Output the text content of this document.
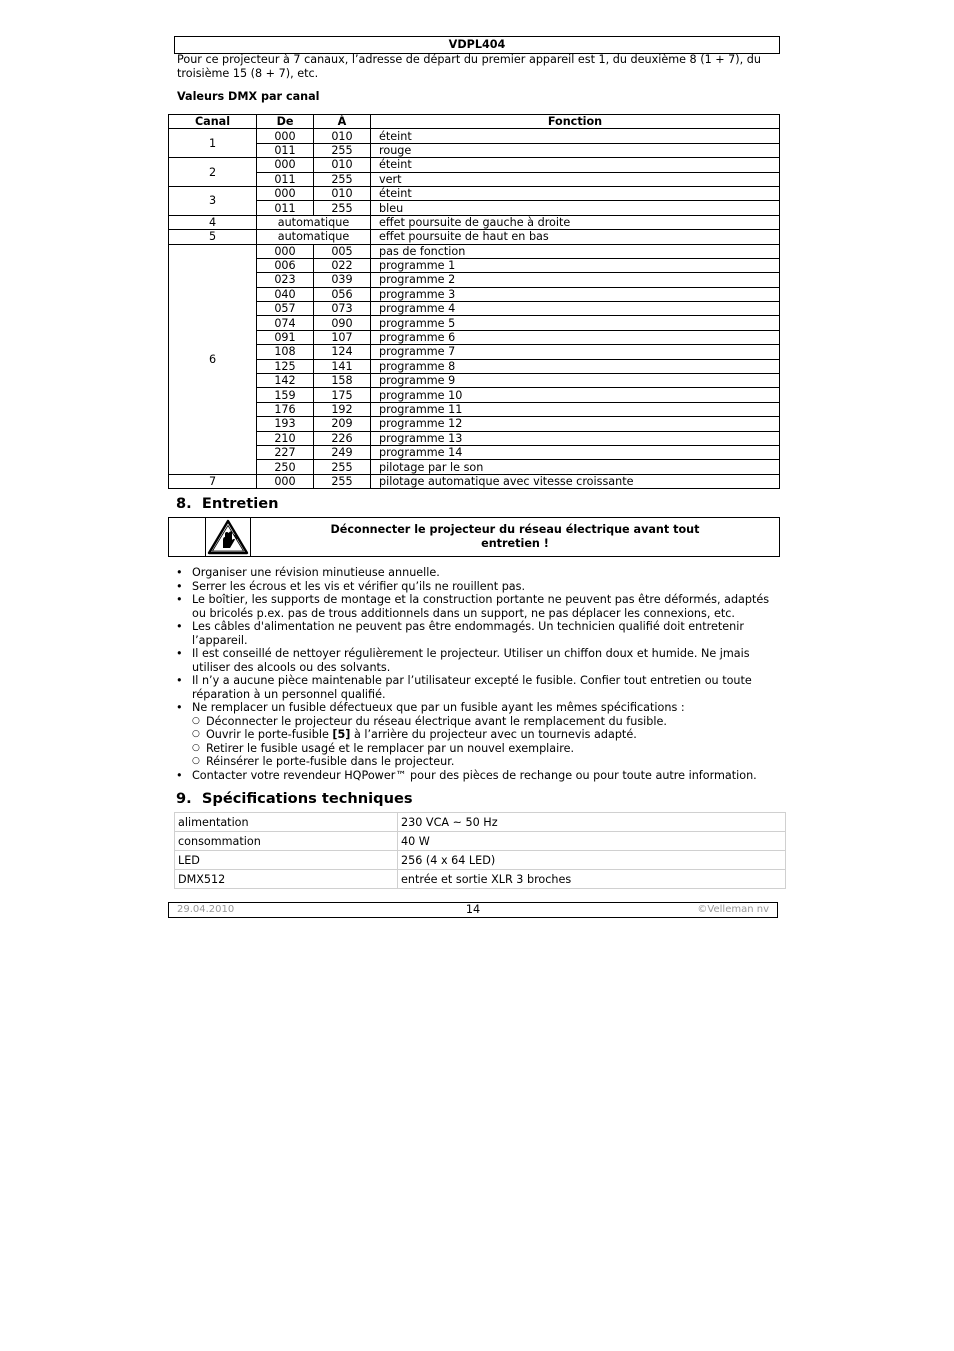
VDPL404
Pour ce projecteur à 7 canaux, l’adresse de départ du premier appareil est 1, du deuxième 8 (1 + 7), du troisième 15 (8 + 7), etc.
Valeurs DMX par canal
Canal	De	À	Fonction
1	000	010	éteint
	011	255	rouge
2	000	010	éteint
	011	255	vert
3	000	010	éteint
	011	255	bleu
4	automatique		effet poursuite de gauche à droite
5	automatique		effet poursuite de haut en bas
6	000	005	pas de fonction
	006	022	programme 1
	023	039	programme 2
	040	056	programme 3
	057	073	programme 4
	074	090	programme 5
	091	107	programme 6
	108	124	programme 7
	125	141	programme 8
	142	158	programme 9
	159	175	programme 10
	176	192	programme 11
	193	209	programme 12
	210	226	programme 13
	227	249	programme 14
	250	255	pilotage par le son
7	000	255	pilotage automatique avec vitesse croissante
8.  Entretien
Déconnecter le projecteur du réseau électrique avant tout
entretien !
• Organiser une révision minutieuse annuelle.
• Serrer les écrous et les vis et vérifier qu’ils ne rouillent pas.
• Le boîtier, les supports de montage et la construction portante ne peuvent pas être déformés, adaptés ou bricolés p.ex. pas de trous additionnels dans un support, ne pas déplacer les connexions, etc.
• Les câbles d'alimentation ne peuvent pas être endommagés. Un technicien qualifié doit entretenir l’appareil.
• Il est conseillé de nettoyer régulièrement le projecteur. Utiliser un chiffon doux et humide. Ne jmais utiliser des alcools ou des solvants.
• Il n’y a aucune pièce maintenable par l’utilisateur excepté le fusible. Confier tout entretien ou toute réparation à un personnel qualifié.
• Ne remplacer un fusible défectueux que par un fusible ayant les mêmes spécifications :
○ Déconnecter le projecteur du réseau électrique avant le remplacement du fusible.
○ Ouvrir le porte-fusible [5] à l’arrière du projecteur avec un tournevis adapté.
○ Retirer le fusible usagé et le remplacer par un nouvel exemplaire.
○ Réinsérer le porte-fusible dans le projecteur.
• Contacter votre revendeur HQPower™ pour des pièces de rechange ou pour toute autre information.
9.  Spécifications techniques
alimentation	230 VCA ~ 50 Hz
consommation	40 W
LED	256 (4 x 64 LED)
DMX512	entrée et sortie XLR 3 broches
29.04.2010	14	©Velleman nv
